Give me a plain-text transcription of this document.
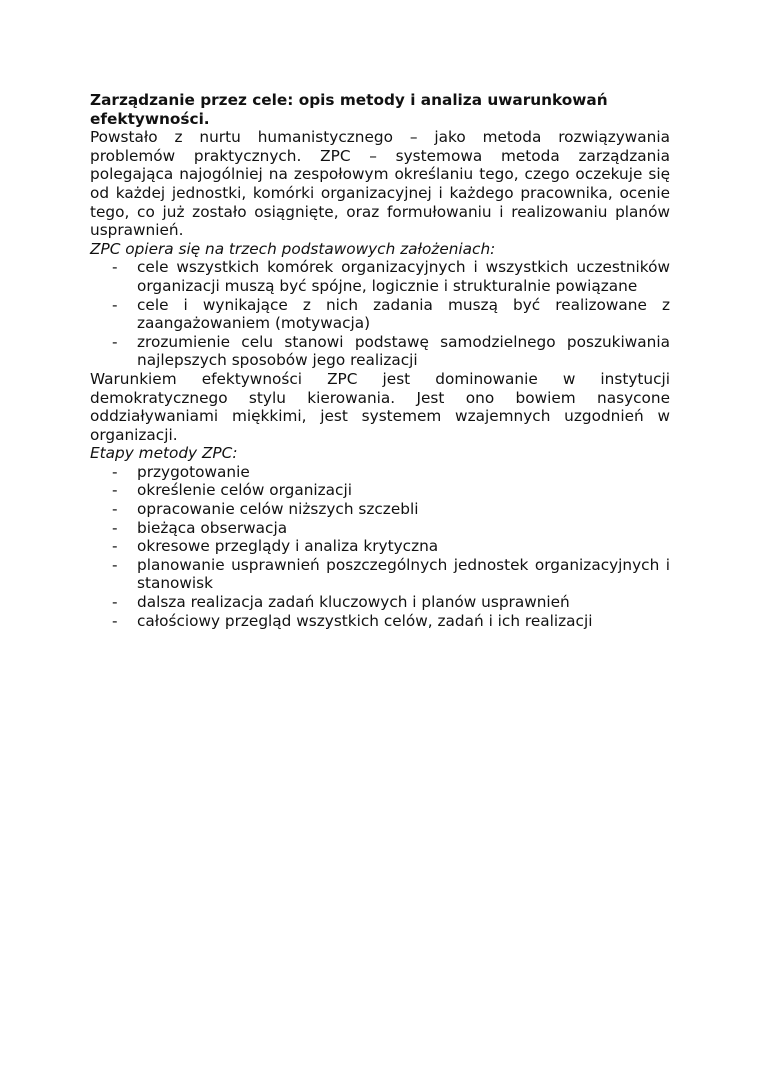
Zarządzanie przez cele: opis metody i analiza uwarunkowań efektywności.

Powstało z nurtu humanistycznego – jako metoda rozwiązywania problemów praktycznych. ZPC – systemowa metoda zarządzania polegająca najogólniej na zespołowym określaniu tego, czego oczekuje się od każdej jednostki, komórki organizacyjnej i każdego pracownika, ocenie tego, co już zostało osiągnięte, oraz formułowaniu i realizowaniu planów usprawnień.

ZPC opiera się na trzech podstawowych założeniach:
- cele wszystkich komórek organizacyjnych i wszystkich uczestników organizacji muszą być spójne, logicznie i strukturalnie powiązane
- cele i wynikające z nich zadania muszą być realizowane z zaangażowaniem (motywacja)
- zrozumienie celu stanowi podstawę samodzielnego poszukiwania najlepszych sposobów jego realizacji

Warunkiem efektywności ZPC jest dominowanie w instytucji demokratycznego stylu kierowania. Jest ono bowiem nasycone oddziaływaniami miękkimi, jest systemem wzajemnych uzgodnień w organizacji.

Etapy metody ZPC:
- przygotowanie
- określenie celów organizacji
- opracowanie celów niższych szczebli
- bieżąca obserwacja
- okresowe przeglądy i analiza krytyczna
- planowanie usprawnień poszczególnych jednostek organizacyjnych i stanowisk
- dalsza realizacja zadań kluczowych i planów usprawnień
- całościowy przegląd wszystkich celów, zadań i ich realizacji
